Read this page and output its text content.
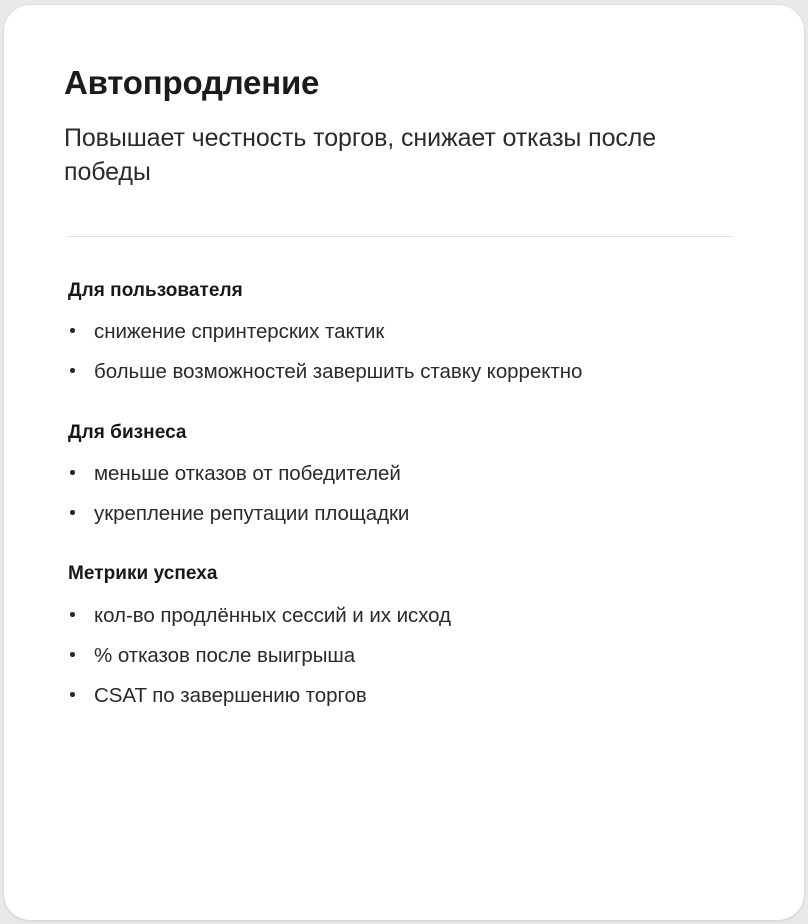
Автопродление

Повышает честность торгов, снижает отказы после победы

Для пользователя
снижение спринтерских тактик
больше возможностей завершить ставку корректно
Для бизнеса
меньше отказов от победителей
укрепление репутации площадки
Метрики успеха
кол-во продлённых сессий и их исход
% отказов после выигрыша
CSAT по завершению торгов
